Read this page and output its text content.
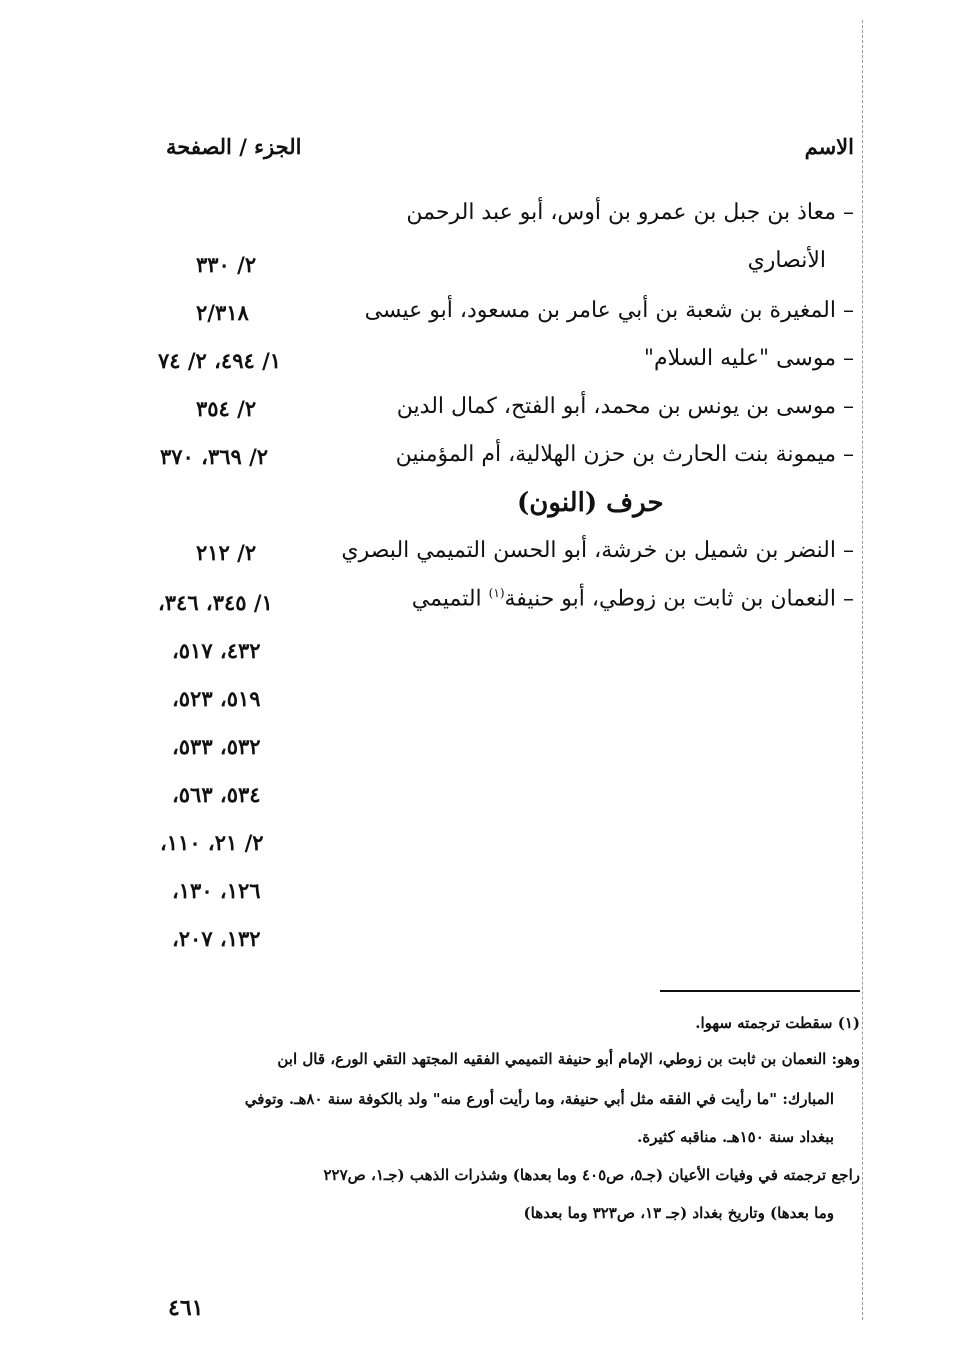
الاسم
الجزء / الصفحة
– معاذ بن جبل بن عمرو بن أوس، أبو عبد الرحمن
الأنصاري
٢/ ٣٣٠
– المغيرة بن شعبة بن أبي عامر بن مسعود، أبو عيسى
٢/٣١٨
– موسى "عليه السلام"
١/ ٤٩٤، ٢/ ٧٤
– موسى بن يونس بن محمد، أبو الفتح، كمال الدين
٢/ ٣٥٤
– ميمونة بنت الحارث بن حزن الهلالية، أم المؤمنين
٢/ ٣٦٩، ٣٧٠
حرف (النون)
– النضر بن شميل بن خرشة، أبو الحسن التميمي البصري
٢/ ٢١٢
– النعمان بن ثابت بن زوطي، أبو حنيفة$^{(١)}$ التميمي
١/ ٣٤٥، ٣٤٦،
٤٣٢، ٥١٧،
٥١٩، ٥٢٣،
٥٣٢، ٥٣٣،
٥٣٤، ٥٦٣،
٢/ ٢١، ١١٠،
١٢٦، ١٣٠،
١٣٢، ٢٠٧،
(١) سقطت ترجمته سهوا.
وهو: النعمان بن ثابت بن زوطي، الإمام أبو حنيفة التميمي الفقيه المجتهد التقي الورع، قال ابن
المبارك: "ما رأيت في الفقه مثل أبي حنيفة، وما رأيت أورع منه" ولد بالكوفة سنة ٨٠هـ. وتوفي
ببغداد سنة ١٥٠هـ. مناقبه كثيرة.
راجع ترجمته في وفيات الأعيان (جـ٥، ص٤٠٥ وما بعدها) وشذرات الذهب (جـ١، ص٢٢٧
وما بعدها) وتاريخ بغداد (جـ ١٣، ص٣٢٣ وما بعدها)
٤٦١
